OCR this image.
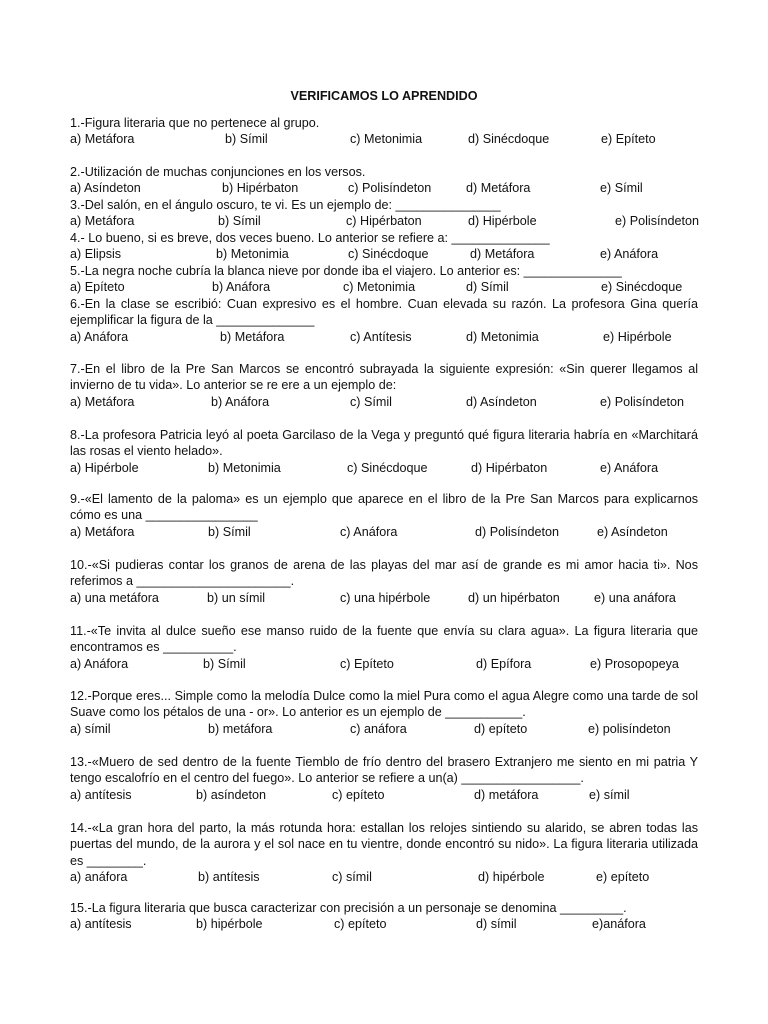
VERIFICAMOS LO APRENDIDO
1.-Figura literaria que no pertenece al grupo.
a) Metáfora	b) Símil	c) Metonimia	d) Sinécdoque	e) Epíteto
2.-Utilización de muchas conjunciones en los versos.
a) Asíndeton	b) Hipérbaton	c) Polisíndeton	d) Metáfora	e) Símil
3.-Del salón, en el ángulo oscuro, te vi. Es un ejemplo de: _______________
a) Metáfora	b) Símil	c) Hipérbaton	d) Hipérbole	e) Polisíndeton
4.- Lo bueno, si es breve, dos veces bueno. Lo anterior se refiere a: ______________
a) Elipsis	b) Metonimia	c) Sinécdoque	d) Metáfora	e) Anáfora
5.-La negra noche cubría la blanca nieve por donde iba el viajero. Lo anterior es: ______________
a) Epíteto	b) Anáfora	c) Metonimia	d) Símil	e) Sinécdoque
6.-En la clase se escribió: Cuan expresivo es el hombre. Cuan elevada su razón. La profesora Gina quería ejemplificar la figura de la ______________
a) Anáfora	b) Metáfora	c) Antítesis	d) Metonimia	e) Hipérbole
7.-En el libro de la Pre San Marcos se encontró subrayada la siguiente expresión: «Sin querer llegamos al invierno de tu vida». Lo anterior se re ere a un ejemplo de:
a) Metáfora	b) Anáfora	c) Símil	d) Asíndeton	e) Polisíndeton
8.-La profesora Patricia leyó al poeta Garcilaso de la Vega y preguntó qué figura literaria habría en «Marchitará las rosas el viento helado».
a) Hipérbole	b) Metonimia	c) Sinécdoque	d) Hipérbaton	e) Anáfora
9.-«El lamento de la paloma» es un ejemplo que aparece en el libro de la Pre San Marcos para explicarnos cómo es una ________________
a) Metáfora	b) Símil	c) Anáfora	d) Polisíndeton	e) Asíndeton
10.-«Si pudieras contar los granos de arena de las playas del mar así de grande es mi amor hacia ti». Nos referimos a ______________________.
a) una metáfora	b) un símil	c) una hipérbole	d) un hipérbaton	e) una anáfora
11.-«Te invita al dulce sueño ese manso ruido de la fuente que envía su clara agua». La figura literaria que encontramos es __________.
a) Anáfora	b) Símil	c) Epíteto	d) Epífora	e) Prosopopeya
12.-Porque eres... Simple como la melodía Dulce como la miel Pura como el agua Alegre como una tarde de sol Suave como los pétalos de una - or». Lo anterior es un ejemplo de ___________.
a) símil	b) metáfora	c) anáfora	d) epíteto	e) polisíndeton
13.-«Muero de sed dentro de la fuente Tiemblo de frío dentro del brasero Extranjero me siento en mi patria Y tengo escalofrío en el centro del fuego». Lo anterior se refiere a un(a) _________________.
a) antítesis	b) asíndeton	c) epíteto	d) metáfora	e) símil
14.-«La gran hora del parto, la más rotunda hora: estallan los relojes sintiendo su alarido, se abren todas las puertas del mundo, de la aurora y el sol nace en tu vientre, donde encontró su nido». La figura literaria utilizada es ________.
a) anáfora	b) antítesis	c) símil	d) hipérbole	e) epíteto
15.-La figura literaria que busca caracterizar con precisión a un personaje se denomina _________.
a) antítesis	b) hipérbole	c) epíteto	d) símil	e)anáfora
